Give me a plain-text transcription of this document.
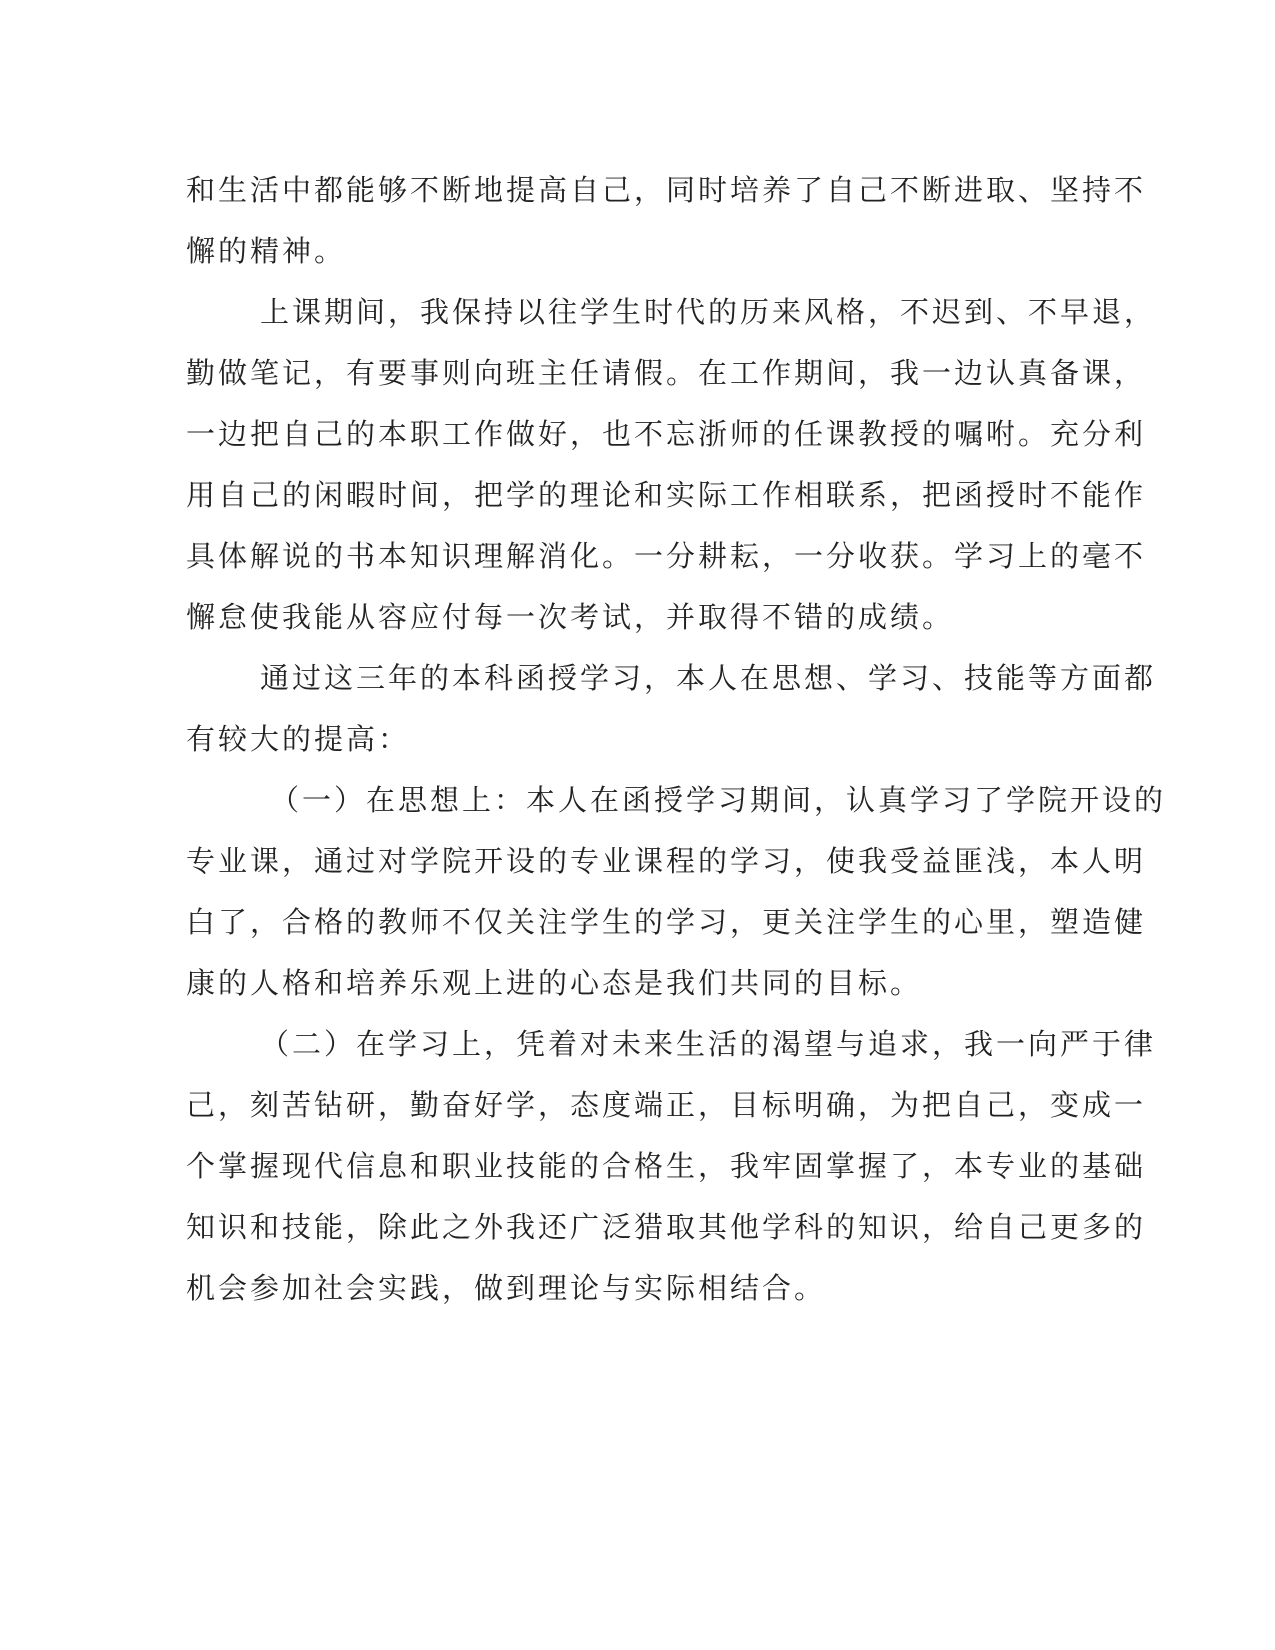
和生活中都能够不断地提高自己，同时培养了自己不断进取、坚持不
懈的精神。
上课期间，我保持以往学生时代的历来风格，不迟到、不早退，
勤做笔记，有要事则向班主任请假。在工作期间，我一边认真备课，
一边把自己的本职工作做好，也不忘浙师的任课教授的嘱咐。充分利
用自己的闲暇时间，把学的理论和实际工作相联系，把函授时不能作
具体解说的书本知识理解消化。一分耕耘，一分收获。学习上的毫不
懈怠使我能从容应付每一次考试，并取得不错的成绩。
通过这三年的本科函授学习，本人在思想、学习、技能等方面都
有较大的提高：
（一）在思想上：本人在函授学习期间，认真学习了学院开设的
专业课，通过对学院开设的专业课程的学习，使我受益匪浅，本人明
白了，合格的教师不仅关注学生的学习，更关注学生的心里，塑造健
康的人格和培养乐观上进的心态是我们共同的目标。
（二）在学习上，凭着对未来生活的渴望与追求，我一向严于律
己，刻苦钻研，勤奋好学，态度端正，目标明确，为把自己，变成一
个掌握现代信息和职业技能的合格生，我牢固掌握了，本专业的基础
知识和技能，除此之外我还广泛猎取其他学科的知识，给自己更多的
机会参加社会实践，做到理论与实际相结合。
